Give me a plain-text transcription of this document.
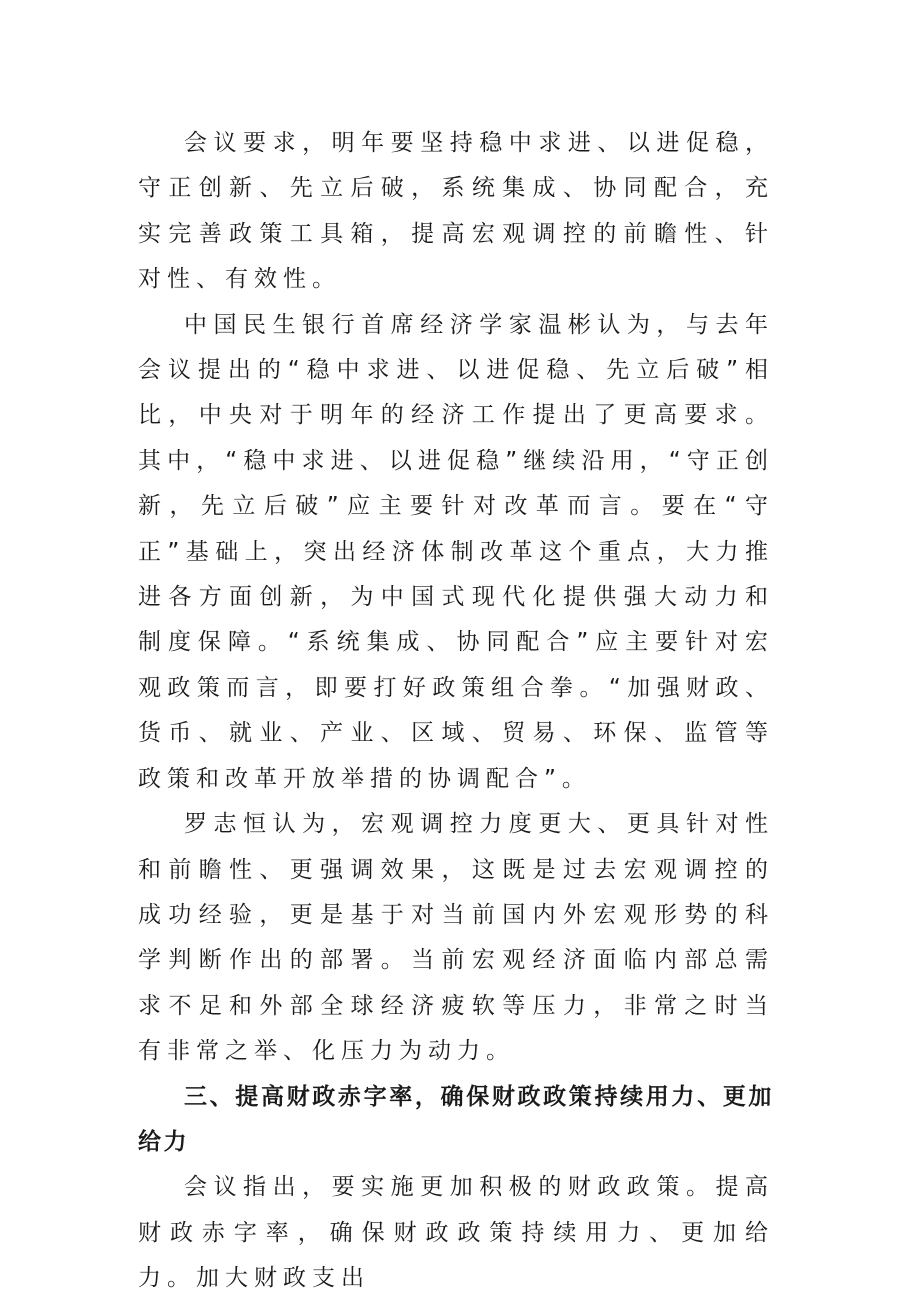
会议要求，明年要坚持稳中求进、以进促稳，守正创新、先立后破，系统集成、协同配合，充实完善政策工具箱，提高宏观调控的前瞻性、针对性、有效性。

中国民生银行首席经济学家温彬认为，与去年会议提出的“稳中求进、以进促稳、先立后破”相比，中央对于明年的经济工作提出了更高要求。其中，“稳中求进、以进促稳”继续沿用，“守正创新，先立后破”应主要针对改革而言。要在“守正”基础上，突出经济体制改革这个重点，大力推进各方面创新，为中国式现代化提供强大动力和制度保障。“系统集成、协同配合”应主要针对宏观政策而言，即要打好政策组合拳。“加强财政、货币、就业、产业、区域、贸易、环保、监管等政策和改革开放举措的协调配合”。

罗志恒认为，宏观调控力度更大、更具针对性和前瞻性、更强调效果，这既是过去宏观调控的成功经验，更是基于对当前国内外宏观形势的科学判断作出的部署。当前宏观经济面临内部总需求不足和外部全球经济疲软等压力，非常之时当有非常之举、化压力为动力。

三、提高财政赤字率，确保财政政策持续用力、更加给力

会议指出，要实施更加积极的财政政策。提高财政赤字率，确保财政政策持续用力、更加给力。加大财政支出
